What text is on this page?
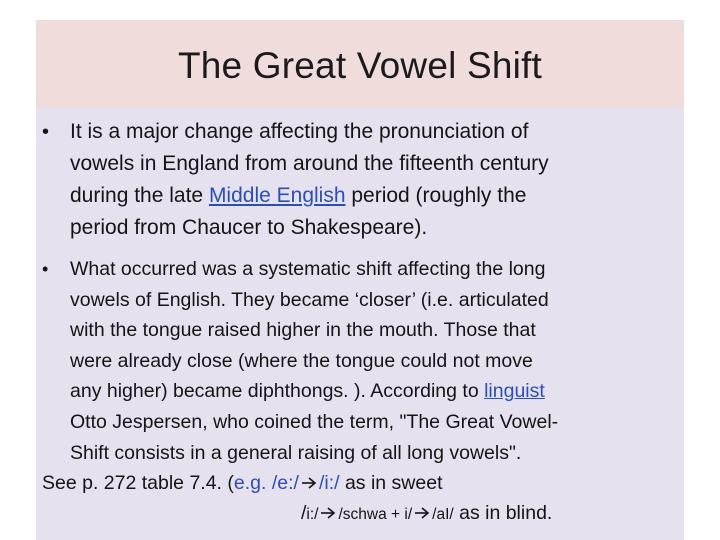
The Great Vowel Shift
• It is a major change affecting the pronunciation of
vowels in England from around the fifteenth century
during the late Middle English period (roughly the
period from Chaucer to Shakespeare).
• What occurred was a systematic shift affecting the long
vowels of English. They became ‘closer’ (i.e. articulated
with the tongue raised higher in the mouth. Those that
were already close (where the tongue could not move
any higher) became diphthongs. ). According to linguist
Otto Jespersen, who coined the term, "The Great Vowel-
Shift consists in a general raising of all long vowels".
See p. 272 table 7.4. (e.g. /e:/ /i:/ as in sweet
/i:/ /schwa + i/ /aI/ as in blind.
